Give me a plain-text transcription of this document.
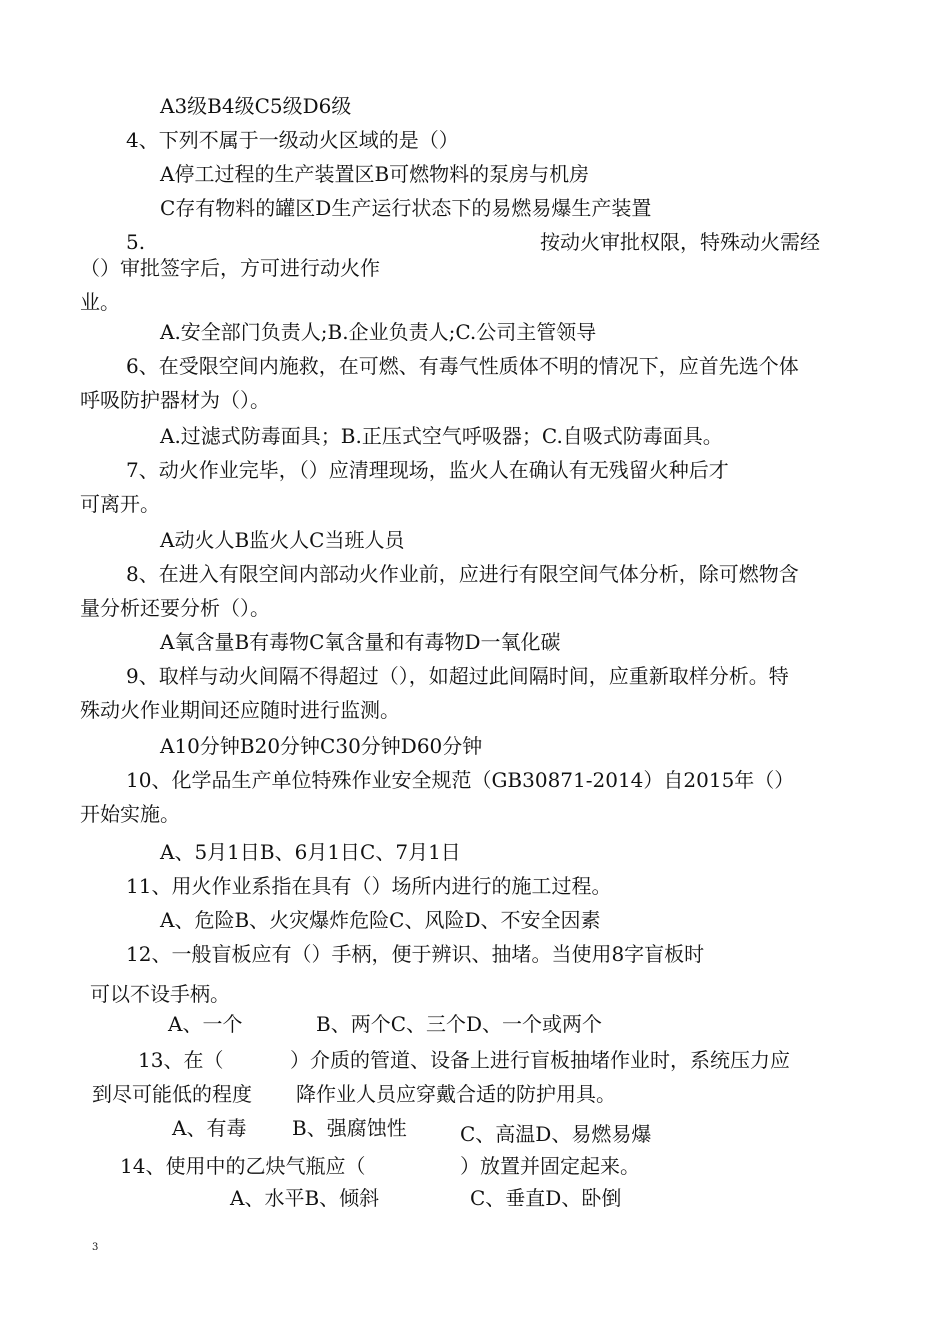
A3级B4级C5级D6级
4、下列不属于一级动火区域的是（）
A停工过程的生产装置区B可燃物料的泵房与机房
C存有物料的罐区D生产运行状态下的易燃易爆生产装置
5.	按动火审批权限，特殊动火需经
（）审批签字后，方可进行动火作
业。
A.安全部门负责人;B.企业负责人;C.公司主管领导
6、在受限空间内施救，在可燃、有毒气性质体不明的情况下，应首先选个体
呼吸防护器材为（）。
A.过滤式防毒面具；B.正压式空气呼吸器；C.自吸式防毒面具。
7、动火作业完毕，（）应清理现场，监火人在确认有无残留火种后才
可离开。
A动火人B监火人C当班人员
8、在进入有限空间内部动火作业前，应进行有限空间气体分析，除可燃物含
量分析还要分析（）。
A氧含量B有毒物C氧含量和有毒物D一氧化碳
9、取样与动火间隔不得超过（），如超过此间隔时间，应重新取样分析。特
殊动火作业期间还应随时进行监测。
A10分钟B20分钟C30分钟D60分钟
10、化学品生产单位特殊作业安全规范（GB30871-2014）自2015年（）
开始实施。
A、5月1日B、6月1日C、7月1日
11、用火作业系指在具有（）场所内进行的施工过程。
A、危险B、火灾爆炸危险C、风险D、不安全因素
12、一般盲板应有（）手柄，便于辨识、抽堵。当使用8字盲板时
可以不设手柄。
A、一个	B、两个C、三个D、一个或两个
13、在（	）介质的管道、设备上进行盲板抽堵作业时，系统压力应
到尽可能低的程度 降作业人员应穿戴合适的防护用具。
A、有毒 B、强腐蚀性	C、高温D、易燃易爆
14、使用中的乙炔气瓶应（	）放置并固定起来。
A、水平B、倾斜	C、垂直D、卧倒
3
